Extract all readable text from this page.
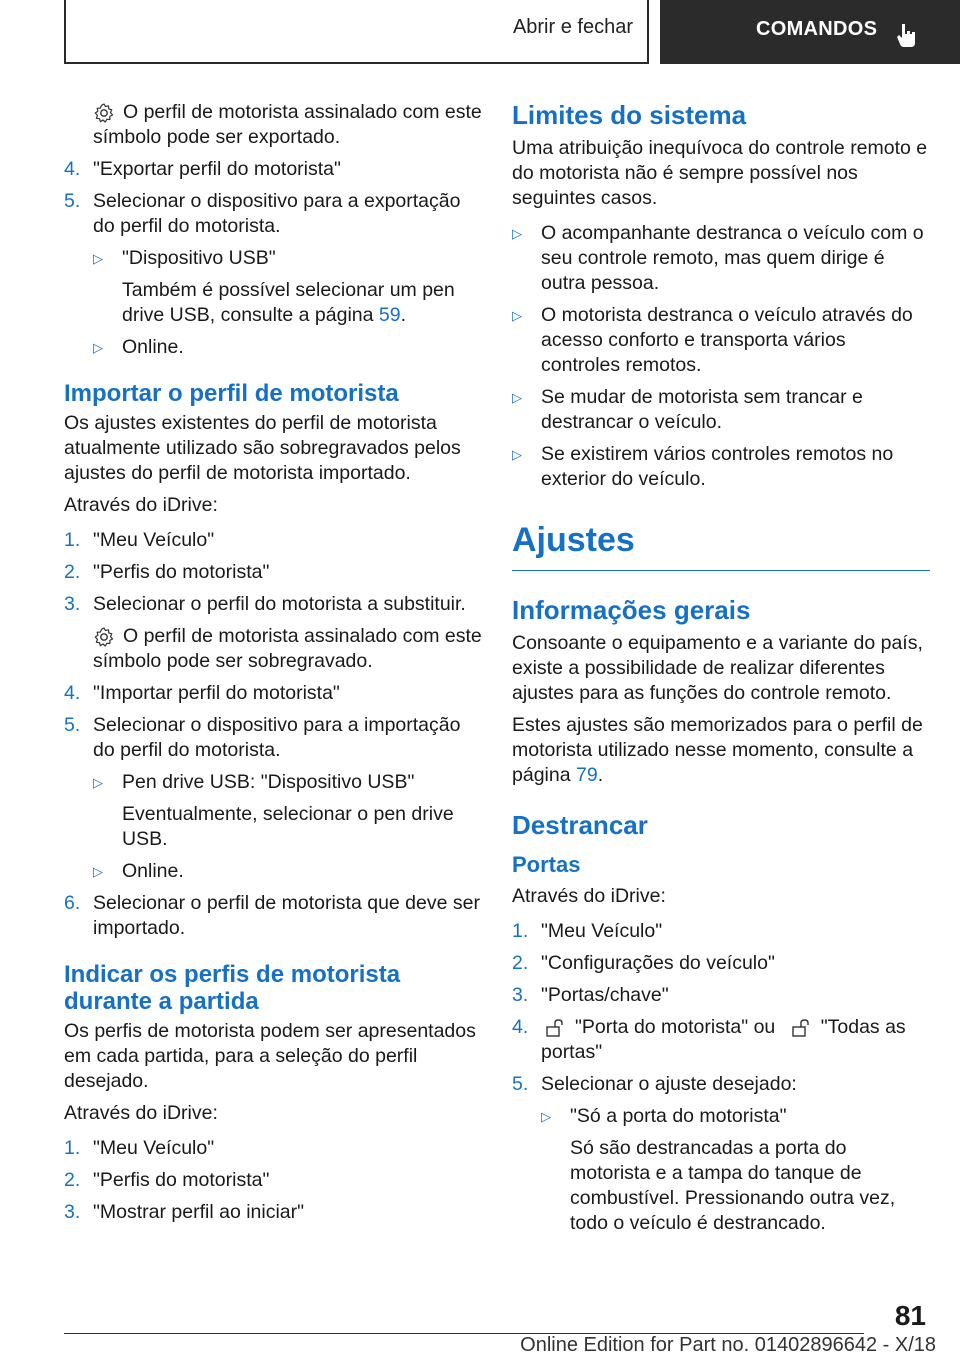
Abrir e fechar	COMANDOS

O perfil de motorista assinalado com este símbolo pode ser exportado.

4. "Exportar perfil do motorista"
5. Selecionar o dispositivo para a exportação do perfil do motorista.
▷ "Dispositivo USB"

Também é possível selecionar um pen drive USB, consulte a página 59.

▷ Online.
Importar o perfil de motorista

Os ajustes existentes do perfil de motorista atualmente utilizado são sobregravados pelos ajustes do perfil de motorista importado.

Através do iDrive:

1. "Meu Veículo"
2. "Perfis do motorista"
3. Selecionar o perfil do motorista a substituir.

O perfil de motorista assinalado com este símbolo pode ser sobregravado.

4. "Importar perfil do motorista"
5. Selecionar o dispositivo para a importação do perfil do motorista.
▷ Pen drive USB: "Dispositivo USB"

Eventualmente, selecionar o pen drive USB.

▷ Online.
6. Selecionar o perfil de motorista que deve ser importado.
Indicar os perfis de motorista durante a partida

Os perfis de motorista podem ser apresentados em cada partida, para a seleção do perfil desejado.

Através do iDrive:

1. "Meu Veículo"
2. "Perfis do motorista"
3. "Mostrar perfil ao iniciar"
Limites do sistema

Uma atribuição inequívoca do controle remoto e do motorista não é sempre possível nos seguintes casos.

▷ O acompanhante destranca o veículo com o seu controle remoto, mas quem dirige é outra pessoa.
▷ O motorista destranca o veículo através do acesso conforto e transporta vários controles remotos.
▷ Se mudar de motorista sem trancar e destrancar o veículo.
▷ Se existirem vários controles remotos no exterior do veículo.
Ajustes
Informações gerais

Consoante o equipamento e a variante do país, existe a possibilidade de realizar diferentes ajustes para as funções do controle remoto.

Estes ajustes são memorizados para o perfil de motorista utilizado nesse momento, consulte a página 79.

Destrancar
Portas

Através do iDrive:

1. "Meu Veículo"
2. "Configurações do veículo"
3. "Portas/chave"
4. "Porta do motorista" ou "Todas as portas"
5. Selecionar o ajuste desejado:
▷ "Só a porta do motorista"

Só são destrancadas a porta do motorista e a tampa do tanque de combustível. Pressionando outra vez, todo o veículo é destrancado.

81
Online Edition for Part no. 01402896642 - X/18
